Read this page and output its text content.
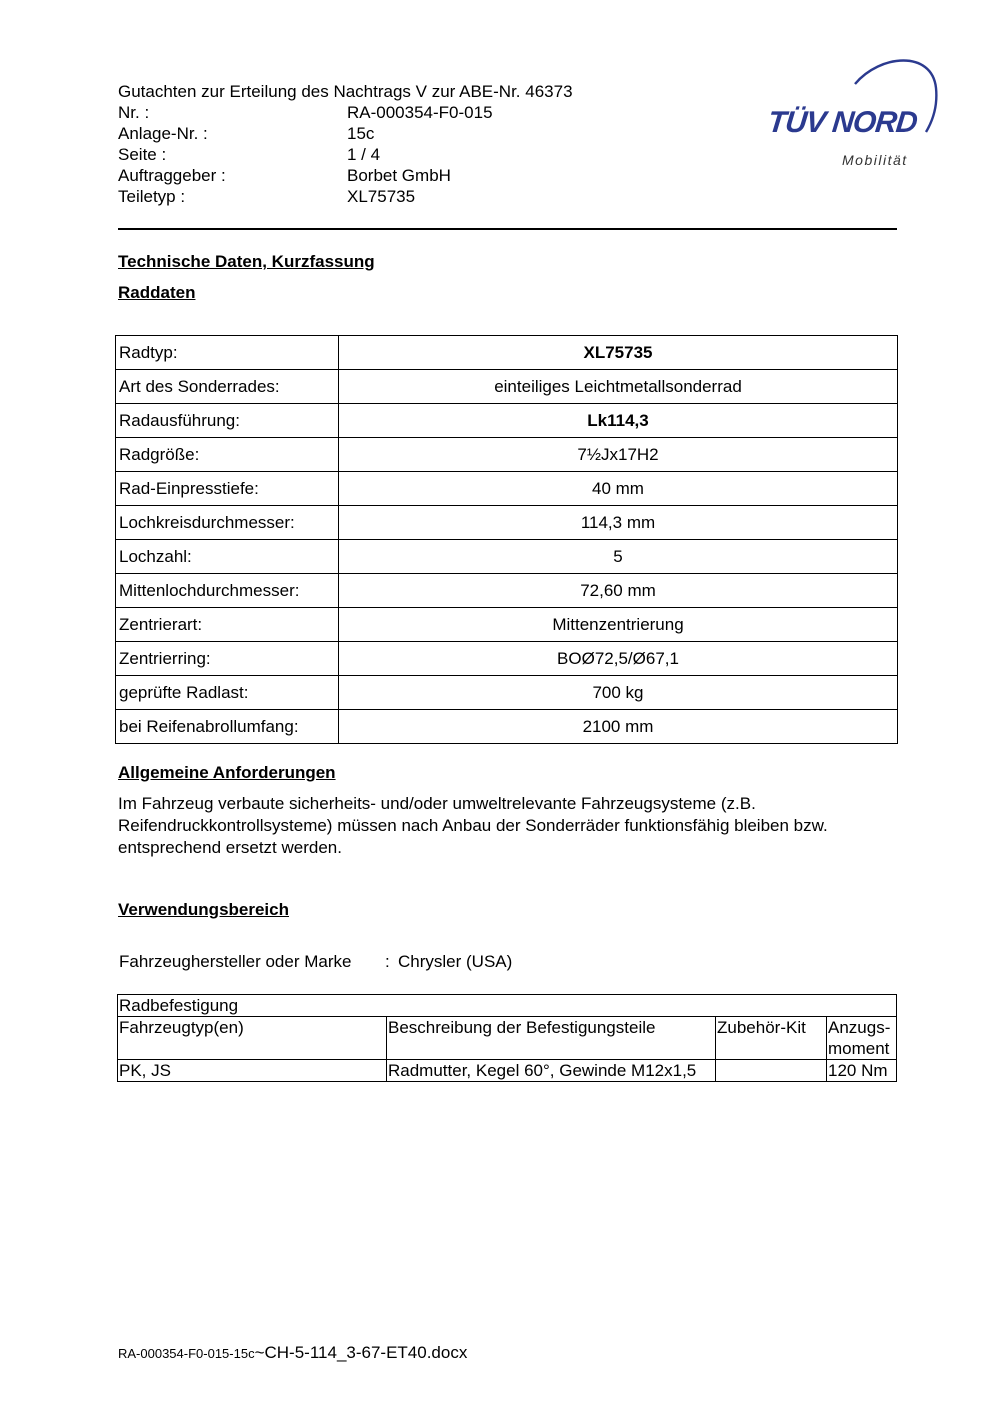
Gutachten zur Erteilung des Nachtrags V zur ABE-Nr. 46373
Nr. :	RA-000354-F0-015
Anlage-Nr. :	15c
Seite :	1 / 4
Auftraggeber :	Borbet GmbH
Teiletyp :	XL75735
TÜV NORD
Mobilität
Technische Daten, Kurzfassung
Raddaten
Radtyp:	XL75735
Art des Sonderrades:	einteiliges Leichtmetallsonderrad
Radausführung:	Lk114,3
Radgröße:	7½Jx17H2
Rad-Einpresstiefe:	40 mm
Lochkreisdurchmesser:	114,3 mm
Lochzahl:	5
Mittenlochdurchmesser:	72,60 mm
Zentrierart:	Mittenzentrierung
Zentrierring:	BOØ72,5/Ø67,1
geprüfte Radlast:	700 kg
bei Reifenabrollumfang:	2100 mm
Allgemeine Anforderungen
Im Fahrzeug verbaute sicherheits- und/oder umweltrelevante Fahrzeugsysteme (z.B. Reifendruckkontrollsysteme) müssen nach Anbau der Sonderräder funktionsfähig bleiben bzw. entsprechend ersetzt werden.
Verwendungsbereich
Fahrzeughersteller oder Marke : Chrysler (USA)
Radbefestigung			
Fahrzeugtyp(en)	Beschreibung der Befestigungsteile	Zubehör-Kit	Anzugs-
moment
PK, JS	Radmutter, Kegel 60°, Gewinde M12x1,5		120 Nm
RA-000354-F0-015-15c~CH-5-114_3-67-ET40.docx
